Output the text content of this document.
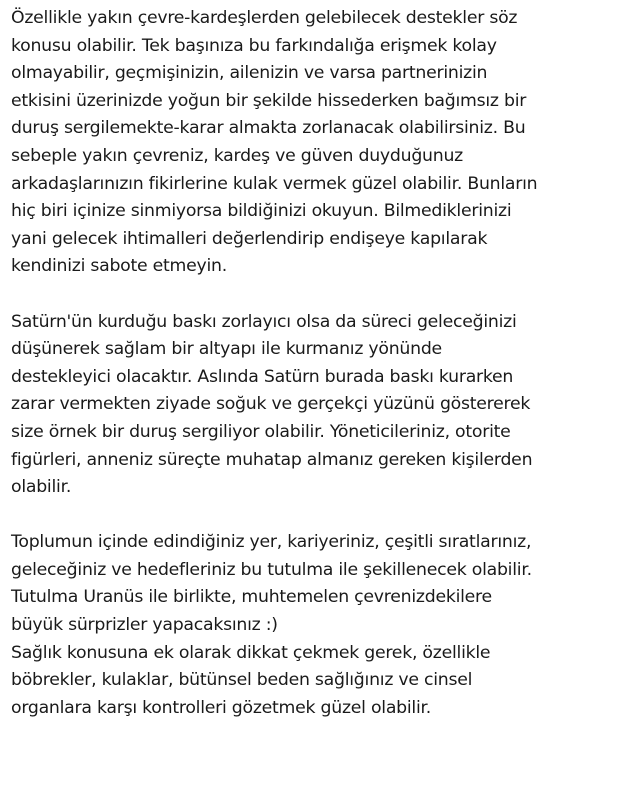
Özellikle yakın çevre-kardeşlerden gelebilecek destekler söz
konusu olabilir. Tek başınıza bu farkındalığa erişmek kolay
olmayabilir, geçmişinizin, ailenizin ve varsa partnerinizin
etkisini üzerinizde yoğun bir şekilde hissederken bağımsız bir
duruş sergilemekte-karar almakta zorlanacak olabilirsiniz. Bu
sebeple yakın çevreniz, kardeş ve güven duyduğunuz
arkadaşlarınızın fikirlerine kulak vermek güzel olabilir. Bunların
hiç biri içinize sinmiyorsa bildiğinizi okuyun. Bilmediklerinizi
yani gelecek ihtimalleri değerlendirip endişeye kapılarak
kendinizi sabote etmeyin.

Satürn'ün kurduğu baskı zorlayıcı olsa da süreci geleceğinizi
düşünerek sağlam bir altyapı ile kurmanız yönünde
destekleyici olacaktır. Aslında Satürn burada baskı kurarken
zarar vermekten ziyade soğuk ve gerçekçi yüzünü göstererek
size örnek bir duruş sergiliyor olabilir. Yöneticileriniz, otorite
figürleri, anneniz süreçte muhatap almanız gereken kişilerden
olabilir.

Toplumun içinde edindiğiniz yer, kariyeriniz, çeşitli sıratlarınız,
geleceğiniz ve hedefleriniz bu tutulma ile şekillenecek olabilir.
Tutulma Uranüs ile birlikte, muhtemelen çevrenizdekilere
büyük sürprizler yapacaksınız :)
Sağlık konusuna ek olarak dikkat çekmek gerek, özellikle
böbrekler, kulaklar, bütünsel beden sağlığınız ve cinsel
organlara karşı kontrolleri gözetmek güzel olabilir.
